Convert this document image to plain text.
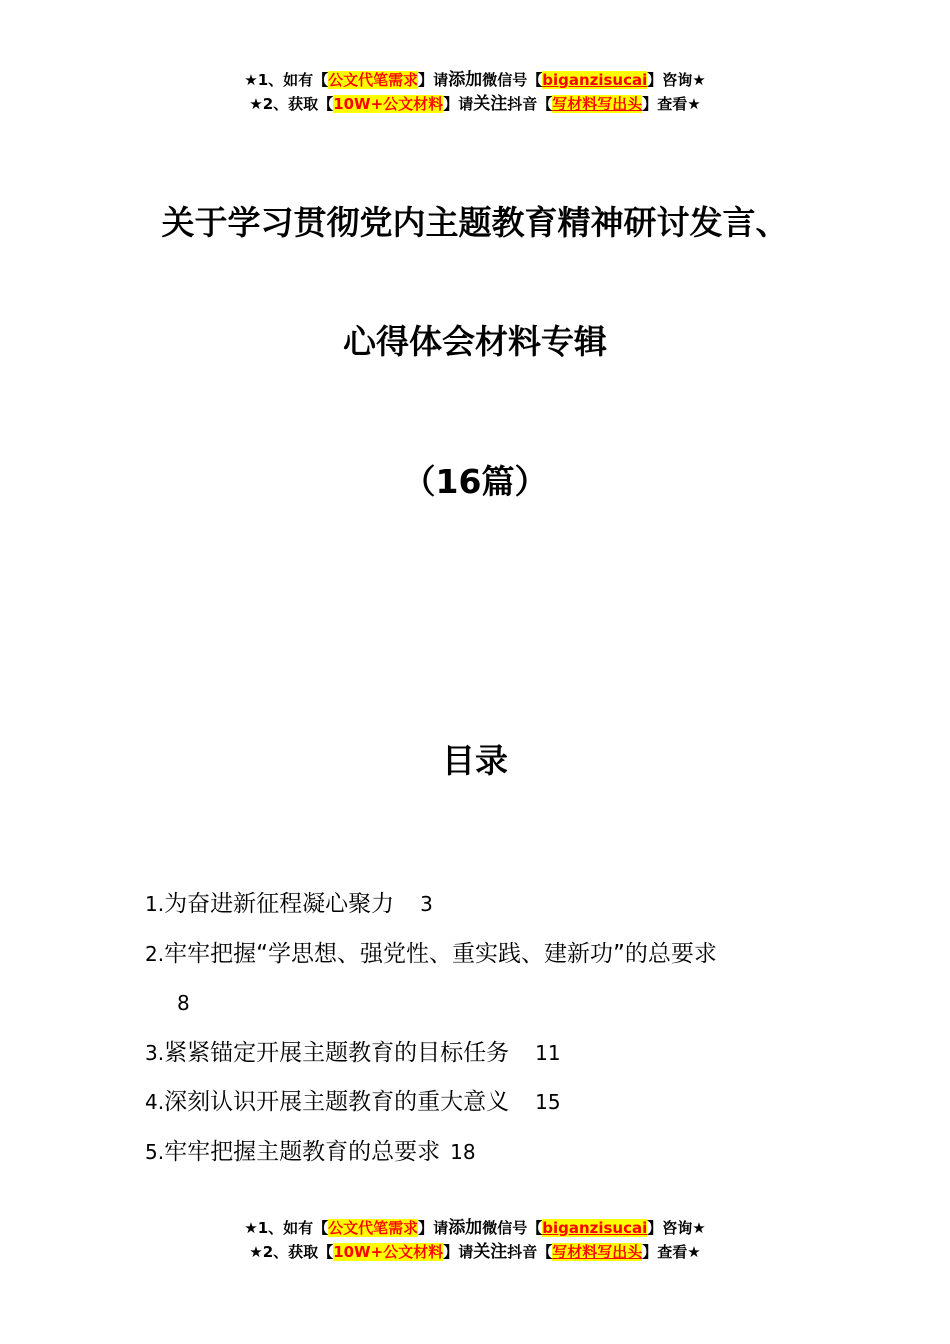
★1、如有【公文代笔需求】请添加微信号【biganzisucai】咨询★
★2、获取【10W+公文材料】请关注抖音【写材料写出头】查看★
关于学习贯彻党内主题教育精神研讨发言、
心得体会材料专辑
（16篇）
目录
1.为奋进新征程凝心聚力 3
2.牢牢把握“学思想、强党性、重实践、建新功”的总要求
8
3.紧紧锚定开展主题教育的目标任务 11
4.深刻认识开展主题教育的重大意义 15
5.牢牢把握主题教育的总要求 18
★1、如有【公文代笔需求】请添加微信号【biganzisucai】咨询★
★2、获取【10W+公文材料】请关注抖音【写材料写出头】查看★
